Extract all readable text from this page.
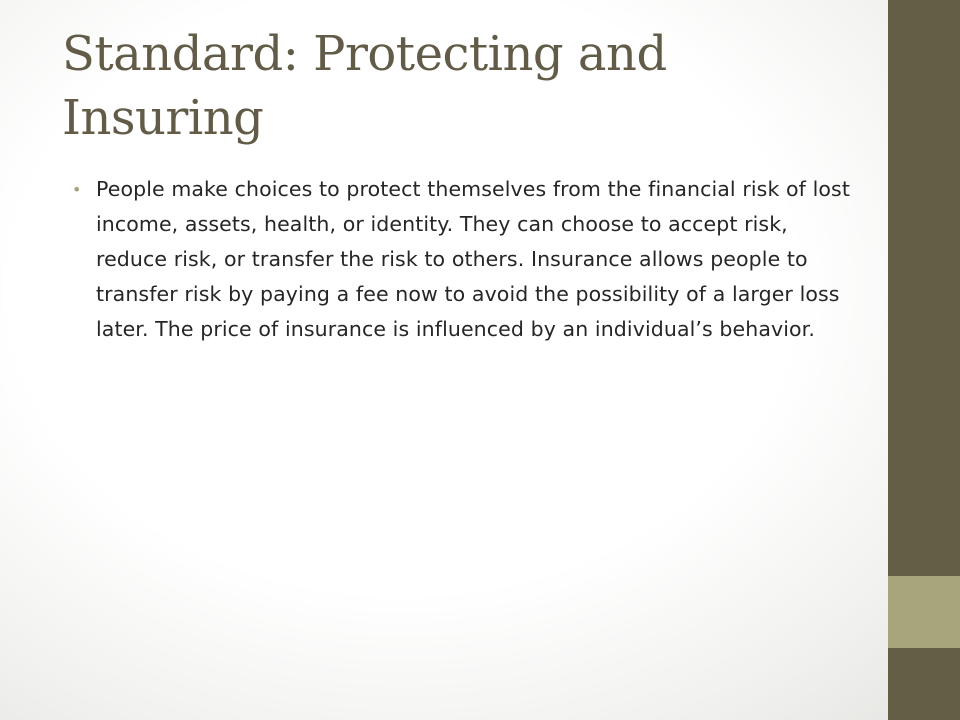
Standard: Protecting and Insuring
• People make choices to protect themselves from the financial risk of lost income, assets, health, or identity. They can choose to accept risk, reduce risk, or transfer the risk to others. Insurance allows people to transfer risk by paying a fee now to avoid the possibility of a larger loss later. The price of insurance is influenced by an individual’s behavior.
